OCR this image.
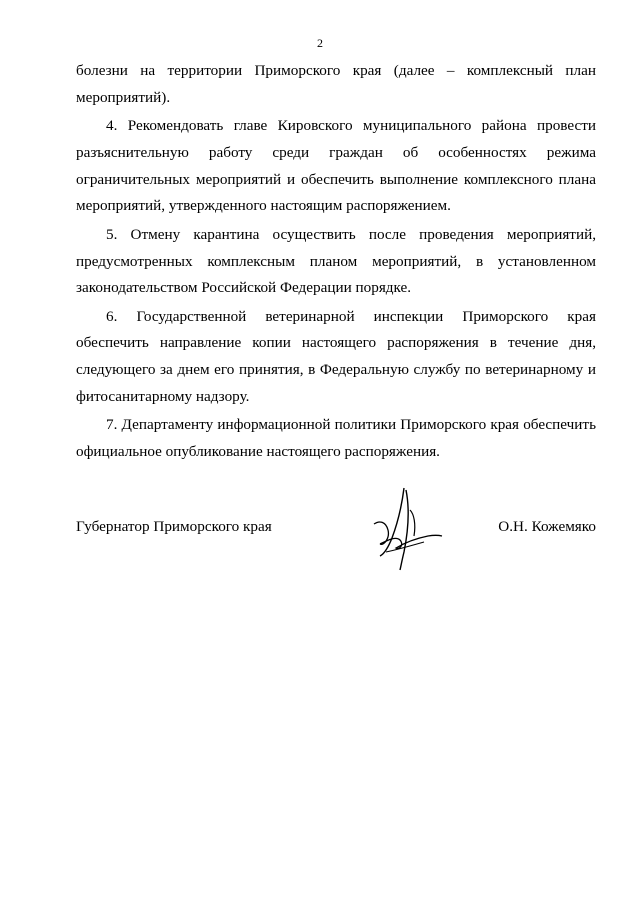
2

болезни на территории Приморского края (далее – комплексный план мероприятий).

4. Рекомендовать главе Кировского муниципального района провести разъяснительную работу среди граждан об особенностях режима ограничительных мероприятий и обеспечить выполнение комплексного плана мероприятий, утвержденного настоящим распоряжением.

5. Отмену карантина осуществить после проведения мероприятий, предусмотренных комплексным планом мероприятий, в установленном законодательством Российской Федерации порядке.

6. Государственной ветеринарной инспекции Приморского края обеспечить направление копии настоящего распоряжения в течение дня, следующего за днем его принятия, в Федеральную службу по ветеринарному и фитосанитарному надзору.

7. Департаменту информационной политики Приморского края обеспечить официальное опубликование настоящего распоряжения.

Губернатор Приморского края	О.Н. Кожемяко
